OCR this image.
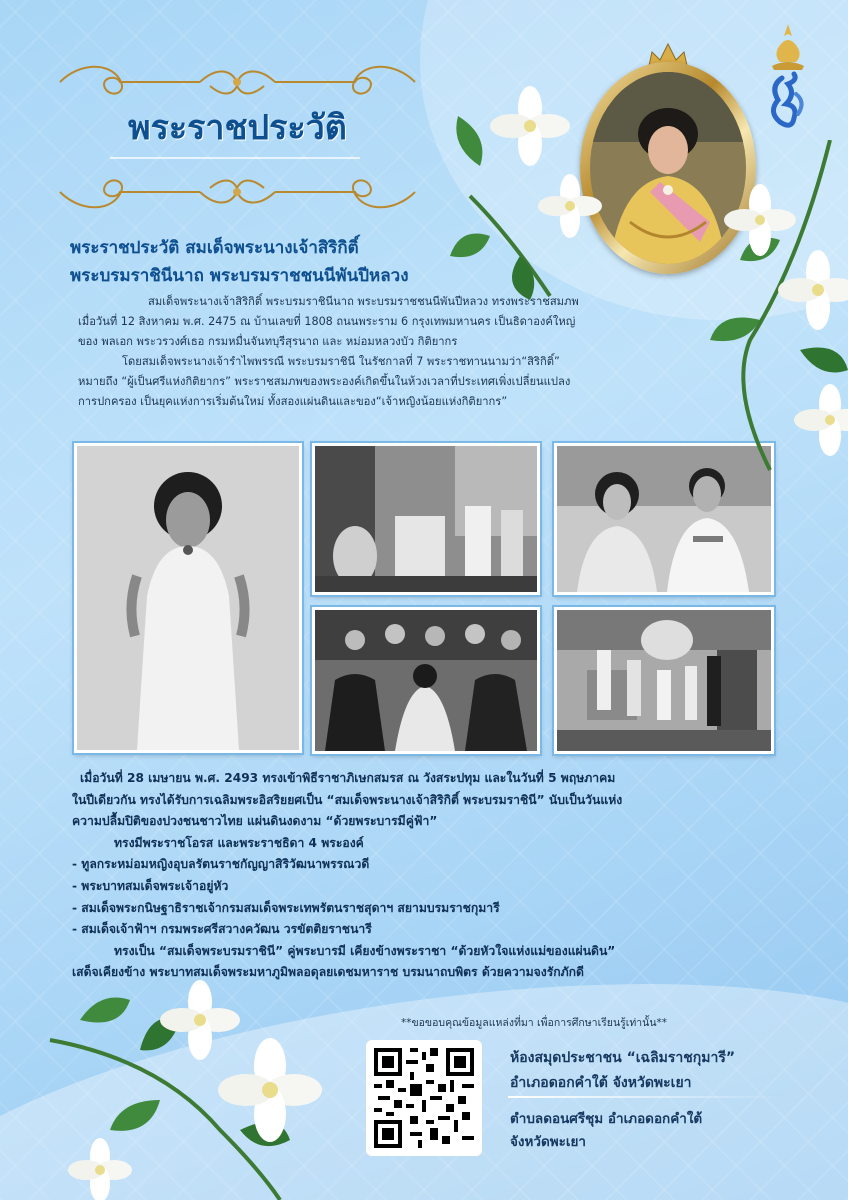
พระราชประวัติ
พระราชประวัติ สมเด็จพระนางเจ้าสิริกิติ์
พระบรมราชินีนาถ พระบรมราชชนนีพันปีหลวง

สมเด็จพระนางเจ้าสิริกิติ์ พระบรมราชินีนาถ พระบรมราชชนนีพันปีหลวง ทรงพระราชสมภพ

เมื่อวันที่ 12 สิงหาคม พ.ศ. 2475 ณ บ้านเลขที่ 1808 ถนนพระราม 6 กรุงเทพมหานคร เป็นธิดาองค์ใหญ่

ของ พลเอก พระวรวงศ์เธอ กรมหมื่นจันทบุรีสุรนาถ และ หม่อมหลวงบัว กิติยากร

โดยสมเด็จพระนางเจ้ารำไพพรรณี พระบรมราชินี ในรัชกาลที่ 7 พระราชทานนามว่า“สิริกิติ์”

หมายถึง “ผู้เป็นศรีแห่งกิติยากร” พระราชสมภพของพระองค์เกิดขึ้นในห้วงเวลาที่ประเทศเพิ่งเปลี่ยนแปลง

การปกครอง เป็นยุคแห่งการเริ่มต้นใหม่ ทั้งสองแผ่นดินและของ“เจ้าหญิงน้อยแห่งกิติยากร”

เมื่อวันที่ 28 เมษายน พ.ศ. 2493 ทรงเข้าพิธีราชาภิเษกสมรส ณ วังสระปทุม และในวันที่ 5 พฤษภาคม

ในปีเดียวกัน ทรงได้รับการเฉลิมพระอิสริยยศเป็น “สมเด็จพระนางเจ้าสิริกิติ์ พระบรมราชินี” นับเป็นวันแห่ง

ความปลื้มปิติของปวงชนชาวไทย แผ่นดินงดงาม “ด้วยพระบารมีคู่ฟ้า”

ทรงมีพระราชโอรส และพระราชธิดา 4 พระองค์

- ทูลกระหม่อมหญิงอุบลรัตนราชกัญญาสิริวัฒนาพรรณวดี

- พระบาทสมเด็จพระเจ้าอยู่หัว

- สมเด็จพระกนิษฐาธิราชเจ้ากรมสมเด็จพระเทพรัตนราชสุดาฯ สยามบรมราชกุมารี

- สมเด็จเจ้าฟ้าฯ กรมพระศรีสวางควัฒน วรขัตติยราชนารี

ทรงเป็น “สมเด็จพระบรมราชินี” คู่พระบารมี เคียงข้างพระราชา “ด้วยหัวใจแห่งแม่ของแผ่นดิน”

เสด็จเคียงข้าง พระบาทสมเด็จพระมหาภูมิพลอดุลยเดชมหาราช บรมนาถบพิตร ด้วยความจงรักภักดี

**ขอขอบคุณข้อมูลแหล่งที่มา เพื่อการศึกษาเรียนรู้เท่านั้น**
ห้องสมุดประชาชน “เฉลิมราชกุมารี”
อำเภอดอกคำใต้ จังหวัดพะเยา
ตำบลดอนศรีชุม อำเภอดอกคำใต้
จังหวัดพะเยา
